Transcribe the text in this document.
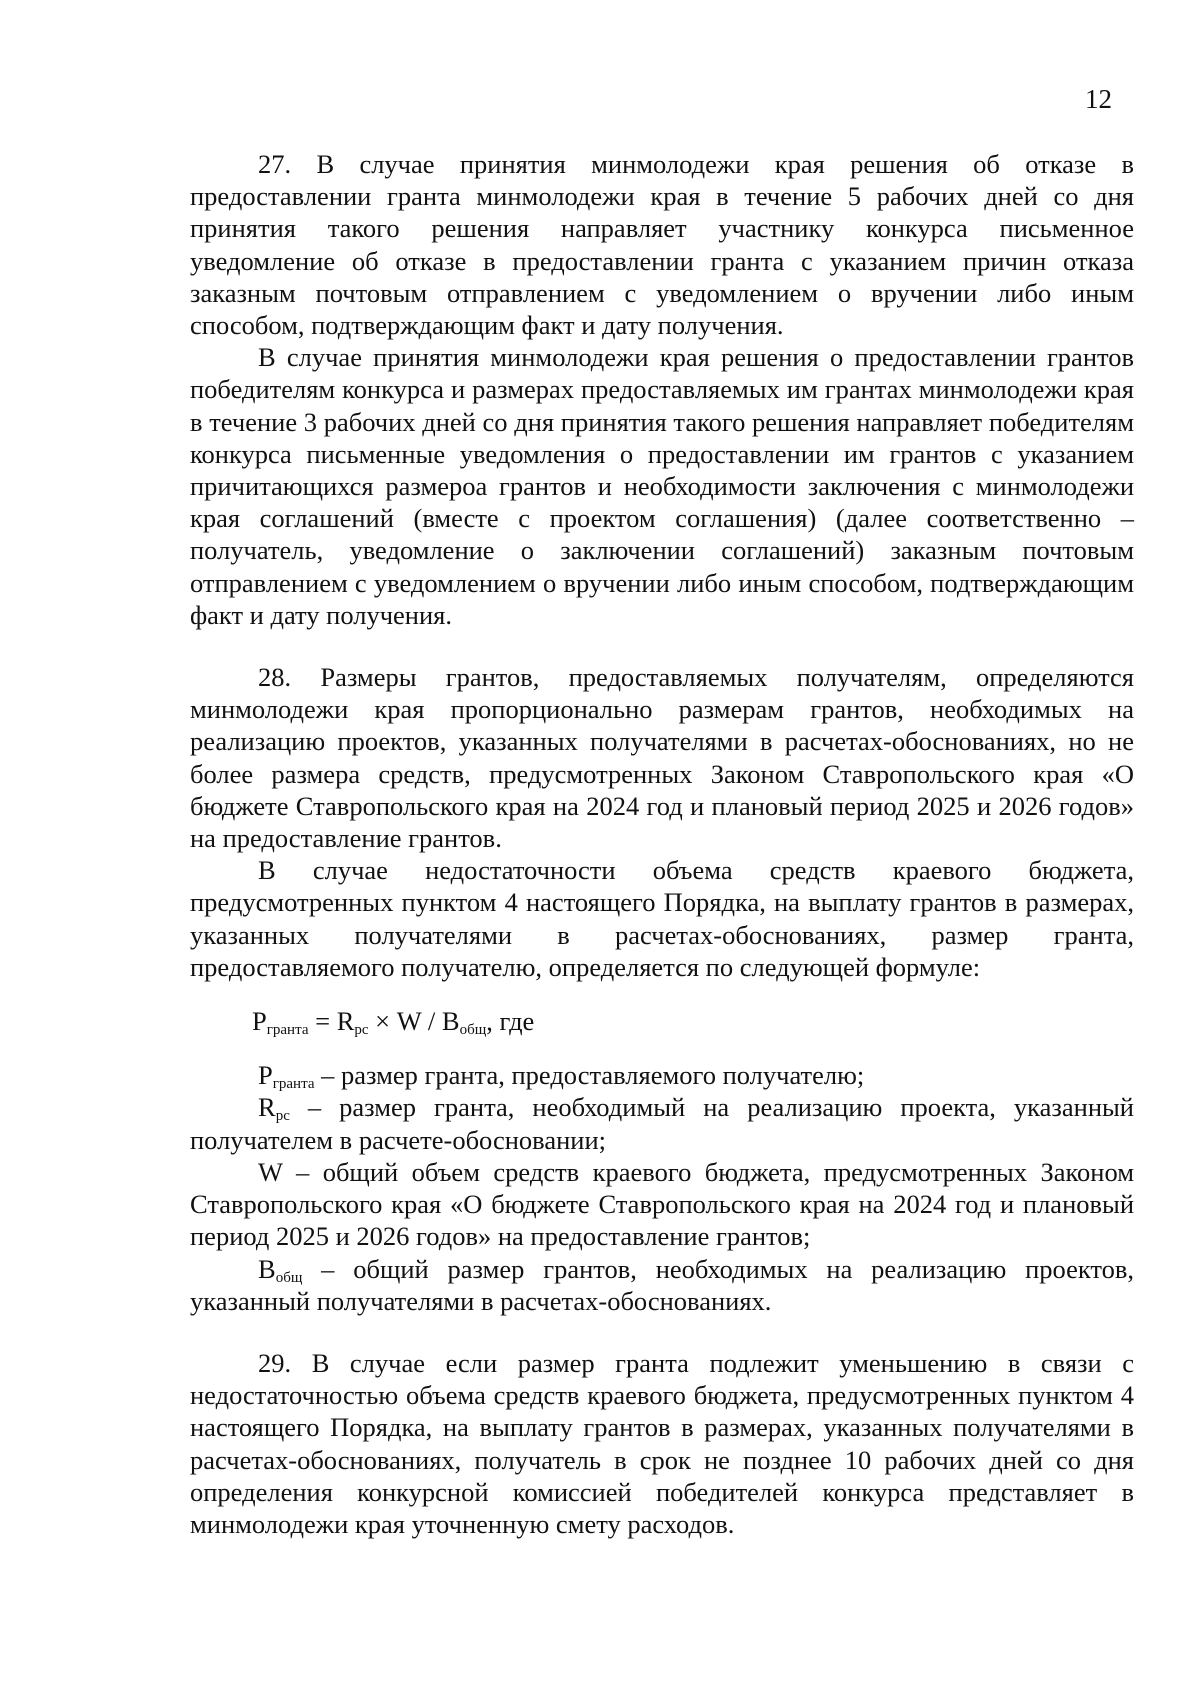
12

27. В случае принятия минмолодежи края решения об отказе в предоставлении гранта минмолодежи края в течение 5 рабочих дней со дня принятия такого решения направляет участнику конкурса письменное уведомление об отказе в предоставлении гранта с указанием причин отказа заказным почтовым отправлением с уведомлением о вручении либо иным способом, подтверждающим факт и дату получения.

В случае принятия минмолодежи края решения о предоставлении грантов победителям конкурса и размерах предоставляемых им грантах минмолодежи края в течение 3 рабочих дней со дня принятия такого решения направляет победителям конкурса письменные уведомления о предоставлении им грантов с указанием причитающихся размероа грантов и необходимости заключения с минмолодежи края соглашений (вместе с проектом соглашения) (далее соответственно – получатель, уведомление о заключении соглашений) заказным почтовым отправлением с уведомлением о вручении либо иным способом, подтверждающим факт и дату получения.

28. Размеры грантов, предоставляемых получателям, определяются минмолодежи края пропорционально размерам грантов, необходимых на реализацию проектов, указанных получателями в расчетах-обоснованиях, но не более размера средств, предусмотренных Законом Ставропольского края «О бюджете Ставропольского края на 2024 год и плановый период 2025 и 2026 годов» на предоставление грантов.

В случае недостаточности объема средств краевого бюджета, предусмотренных пунктом 4 настоящего Порядка, на выплату грантов в размерах, указанных получателями в расчетах-обоснованиях, размер гранта, предоставляемого получателю, определяется по следующей формуле:

$P_{гранта} = R_{рс} \times W / B_{общ}$, где

$P_{гранта}$ – размер гранта, предоставляемого получателю;

$R_{рс}$ – размер гранта, необходимый на реализацию проекта, указанный получателем в расчете-обосновании;

W – общий объем средств краевого бюджета, предусмотренных Законом Ставропольского края «О бюджете Ставропольского края на 2024 год и плановый период 2025 и 2026 годов» на предоставление грантов;

$B_{общ}$ – общий размер грантов, необходимых на реализацию проектов, указанный получателями в расчетах-обоснованиях.

29. В случае если размер гранта подлежит уменьшению в связи с недостаточностью объема средств краевого бюджета, предусмотренных пунктом 4 настоящего Порядка, на выплату грантов в размерах, указанных получателями в расчетах-обоснованиях, получатель в срок не позднее 10 рабочих дней со дня определения конкурсной комиссией победителей конкурса представляет в минмолодежи края уточненную смету расходов.
